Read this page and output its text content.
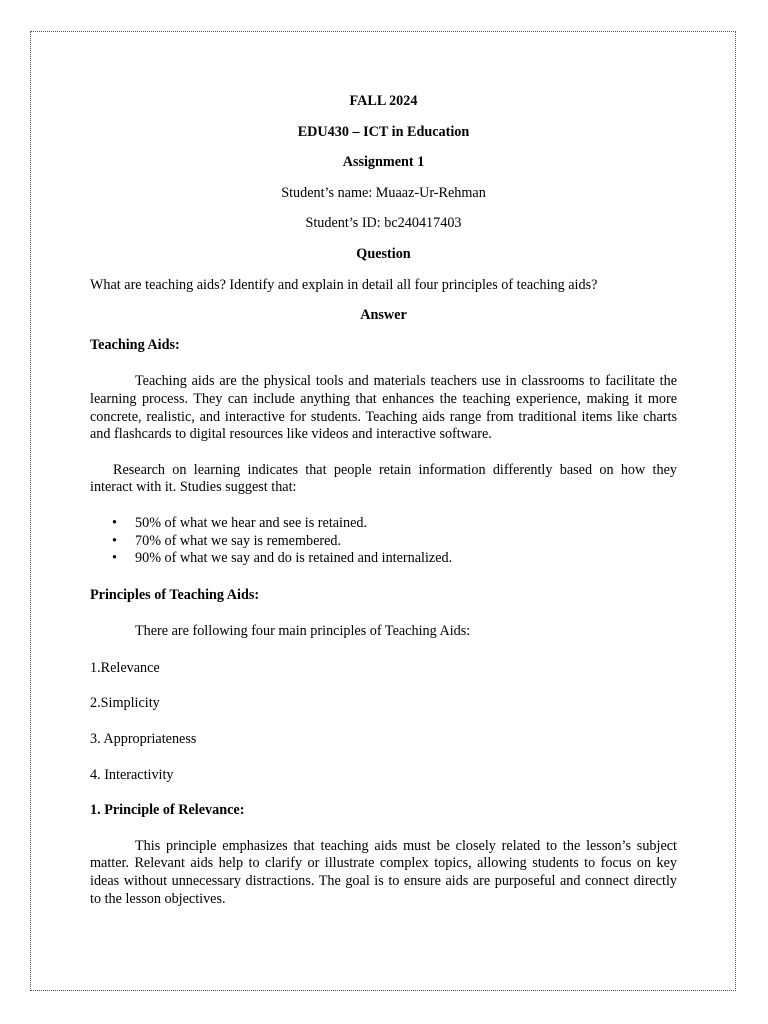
FALL 2024

EDU430 – ICT in Education

Assignment 1

Student’s name: Muaaz-Ur-Rehman

Student’s ID: bc240417403

Question

What are teaching aids? Identify and explain in detail all four principles of teaching aids?

Answer

Teaching Aids:

Teaching aids are the physical tools and materials teachers use in classrooms to facilitate the learning process. They can include anything that enhances the teaching experience, making it more concrete, realistic, and interactive for students. Teaching aids range from traditional items like charts and flashcards to digital resources like videos and interactive software.

Research on learning indicates that people retain information differently based on how they interact with it. Studies suggest that:

• 50% of what we hear and see is retained.
• 70% of what we say is remembered.
• 90% of what we say and do is retained and internalized.

Principles of Teaching Aids:

There are following four main principles of Teaching Aids:

1.Relevance

2.Simplicity

3. Appropriateness

4. Interactivity

1. Principle of Relevance:

This principle emphasizes that teaching aids must be closely related to the lesson’s subject matter. Relevant aids help to clarify or illustrate complex topics, allowing students to focus on key ideas without unnecessary distractions. The goal is to ensure aids are purposeful and connect directly to the lesson objectives.
